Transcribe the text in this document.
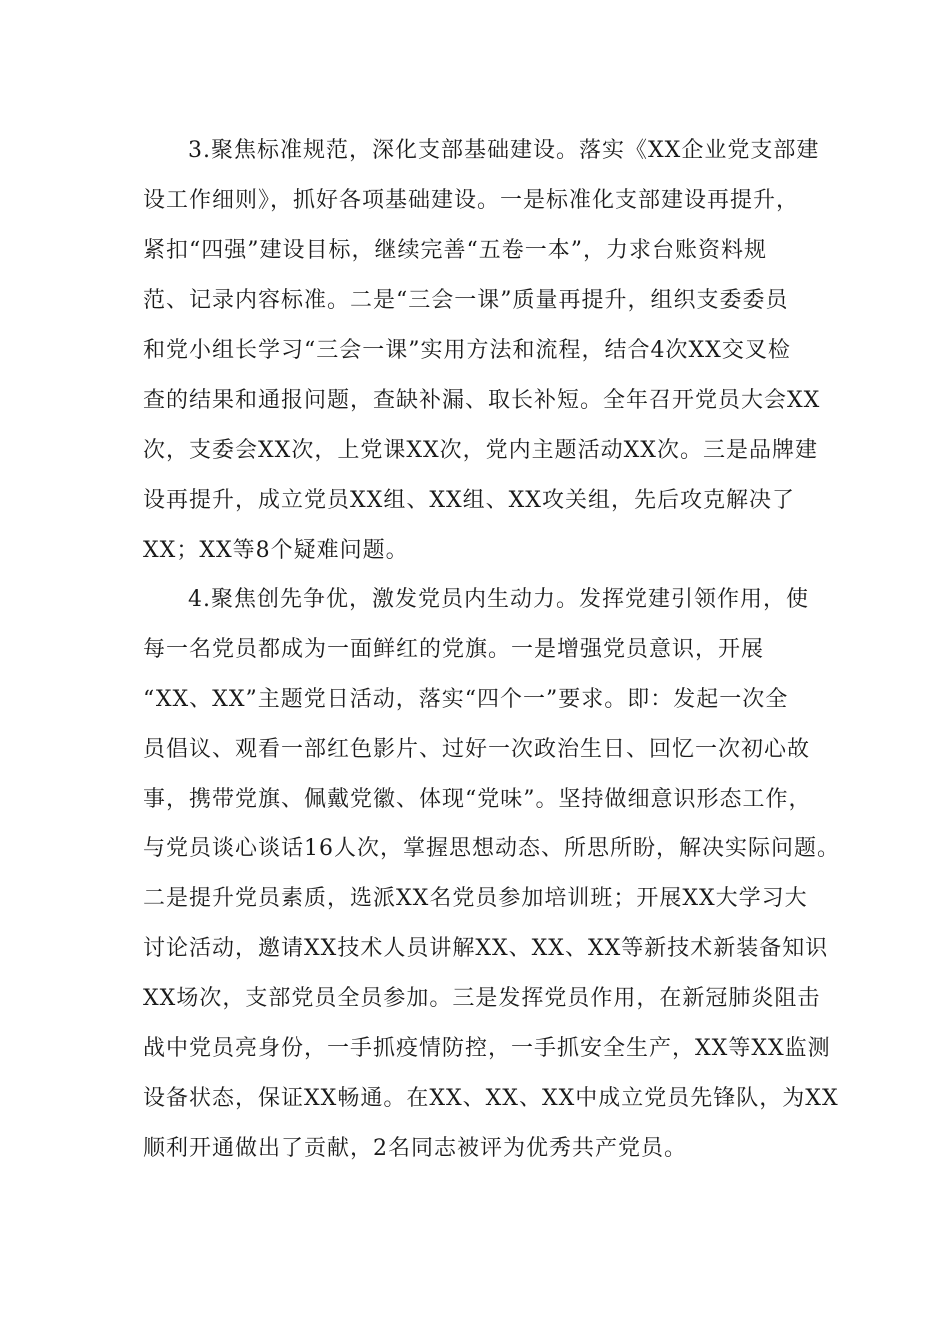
3.聚焦标准规范，深化支部基础建设。落实《XX企业党支部建
设工作细则》，抓好各项基础建设。一是标准化支部建设再提升，
紧扣“四强”建设目标，继续完善“五卷一本”，力求台账资料规
范、记录内容标准。二是“三会一课”质量再提升，组织支委委员
和党小组长学习“三会一课”实用方法和流程，结合4次XX交叉检
查的结果和通报问题，查缺补漏、取长补短。全年召开党员大会XX
次，支委会XX次，上党课XX次，党内主题活动XX次。三是品牌建
设再提升，成立党员XX组、XX组、XX攻关组，先后攻克解决了
XX；XX等8个疑难问题。
4.聚焦创先争优，激发党员内生动力。发挥党建引领作用，使
每一名党员都成为一面鲜红的党旗。一是增强党员意识，开展
“XX、XX”主题党日活动，落实“四个一”要求。即：发起一次全
员倡议、观看一部红色影片、过好一次政治生日、回忆一次初心故
事，携带党旗、佩戴党徽、体现“党味”。坚持做细意识形态工作，
与党员谈心谈话16人次，掌握思想动态、所思所盼，解决实际问题。
二是提升党员素质，选派XX名党员参加培训班；开展XX大学习大
讨论活动，邀请XX技术人员讲解XX、XX、XX等新技术新装备知识
XX场次，支部党员全员参加。三是发挥党员作用，在新冠肺炎阻击
战中党员亮身份，一手抓疫情防控，一手抓安全生产，XX等XX监测
设备状态，保证XX畅通。在XX、XX、XX中成立党员先锋队，为XX
顺利开通做出了贡献，2名同志被评为优秀共产党员。
